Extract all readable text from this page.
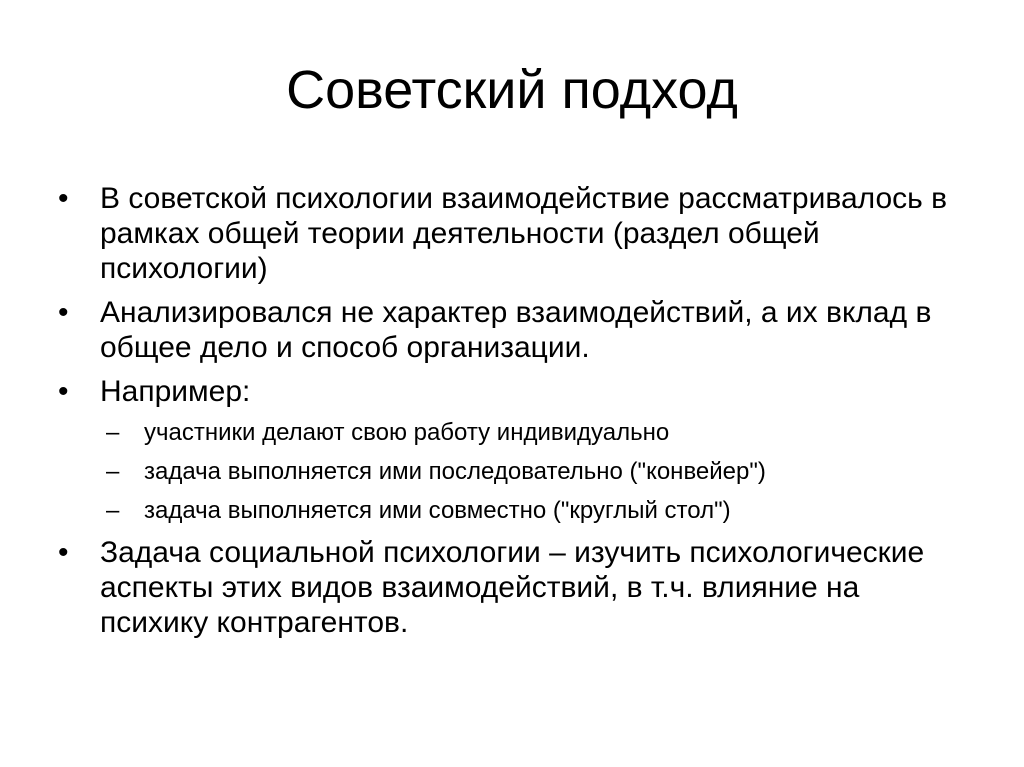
Советский подход
•	В советской психологии взаимодействие рассматривалось в рамках общей теории деятельности (раздел общей психологии)
•	Анализировался не характер взаимодействий, а их вклад в общее дело и способ организации.
•	Например:
– участники делают свою работу индивидуально
– задача выполняется ими последовательно ("конвейер")
– задача выполняется ими совместно ("круглый стол")
•	Задача социальной психологии – изучить психологические аспекты этих видов взаимодействий, в т.ч. влияние на психику контрагентов.
